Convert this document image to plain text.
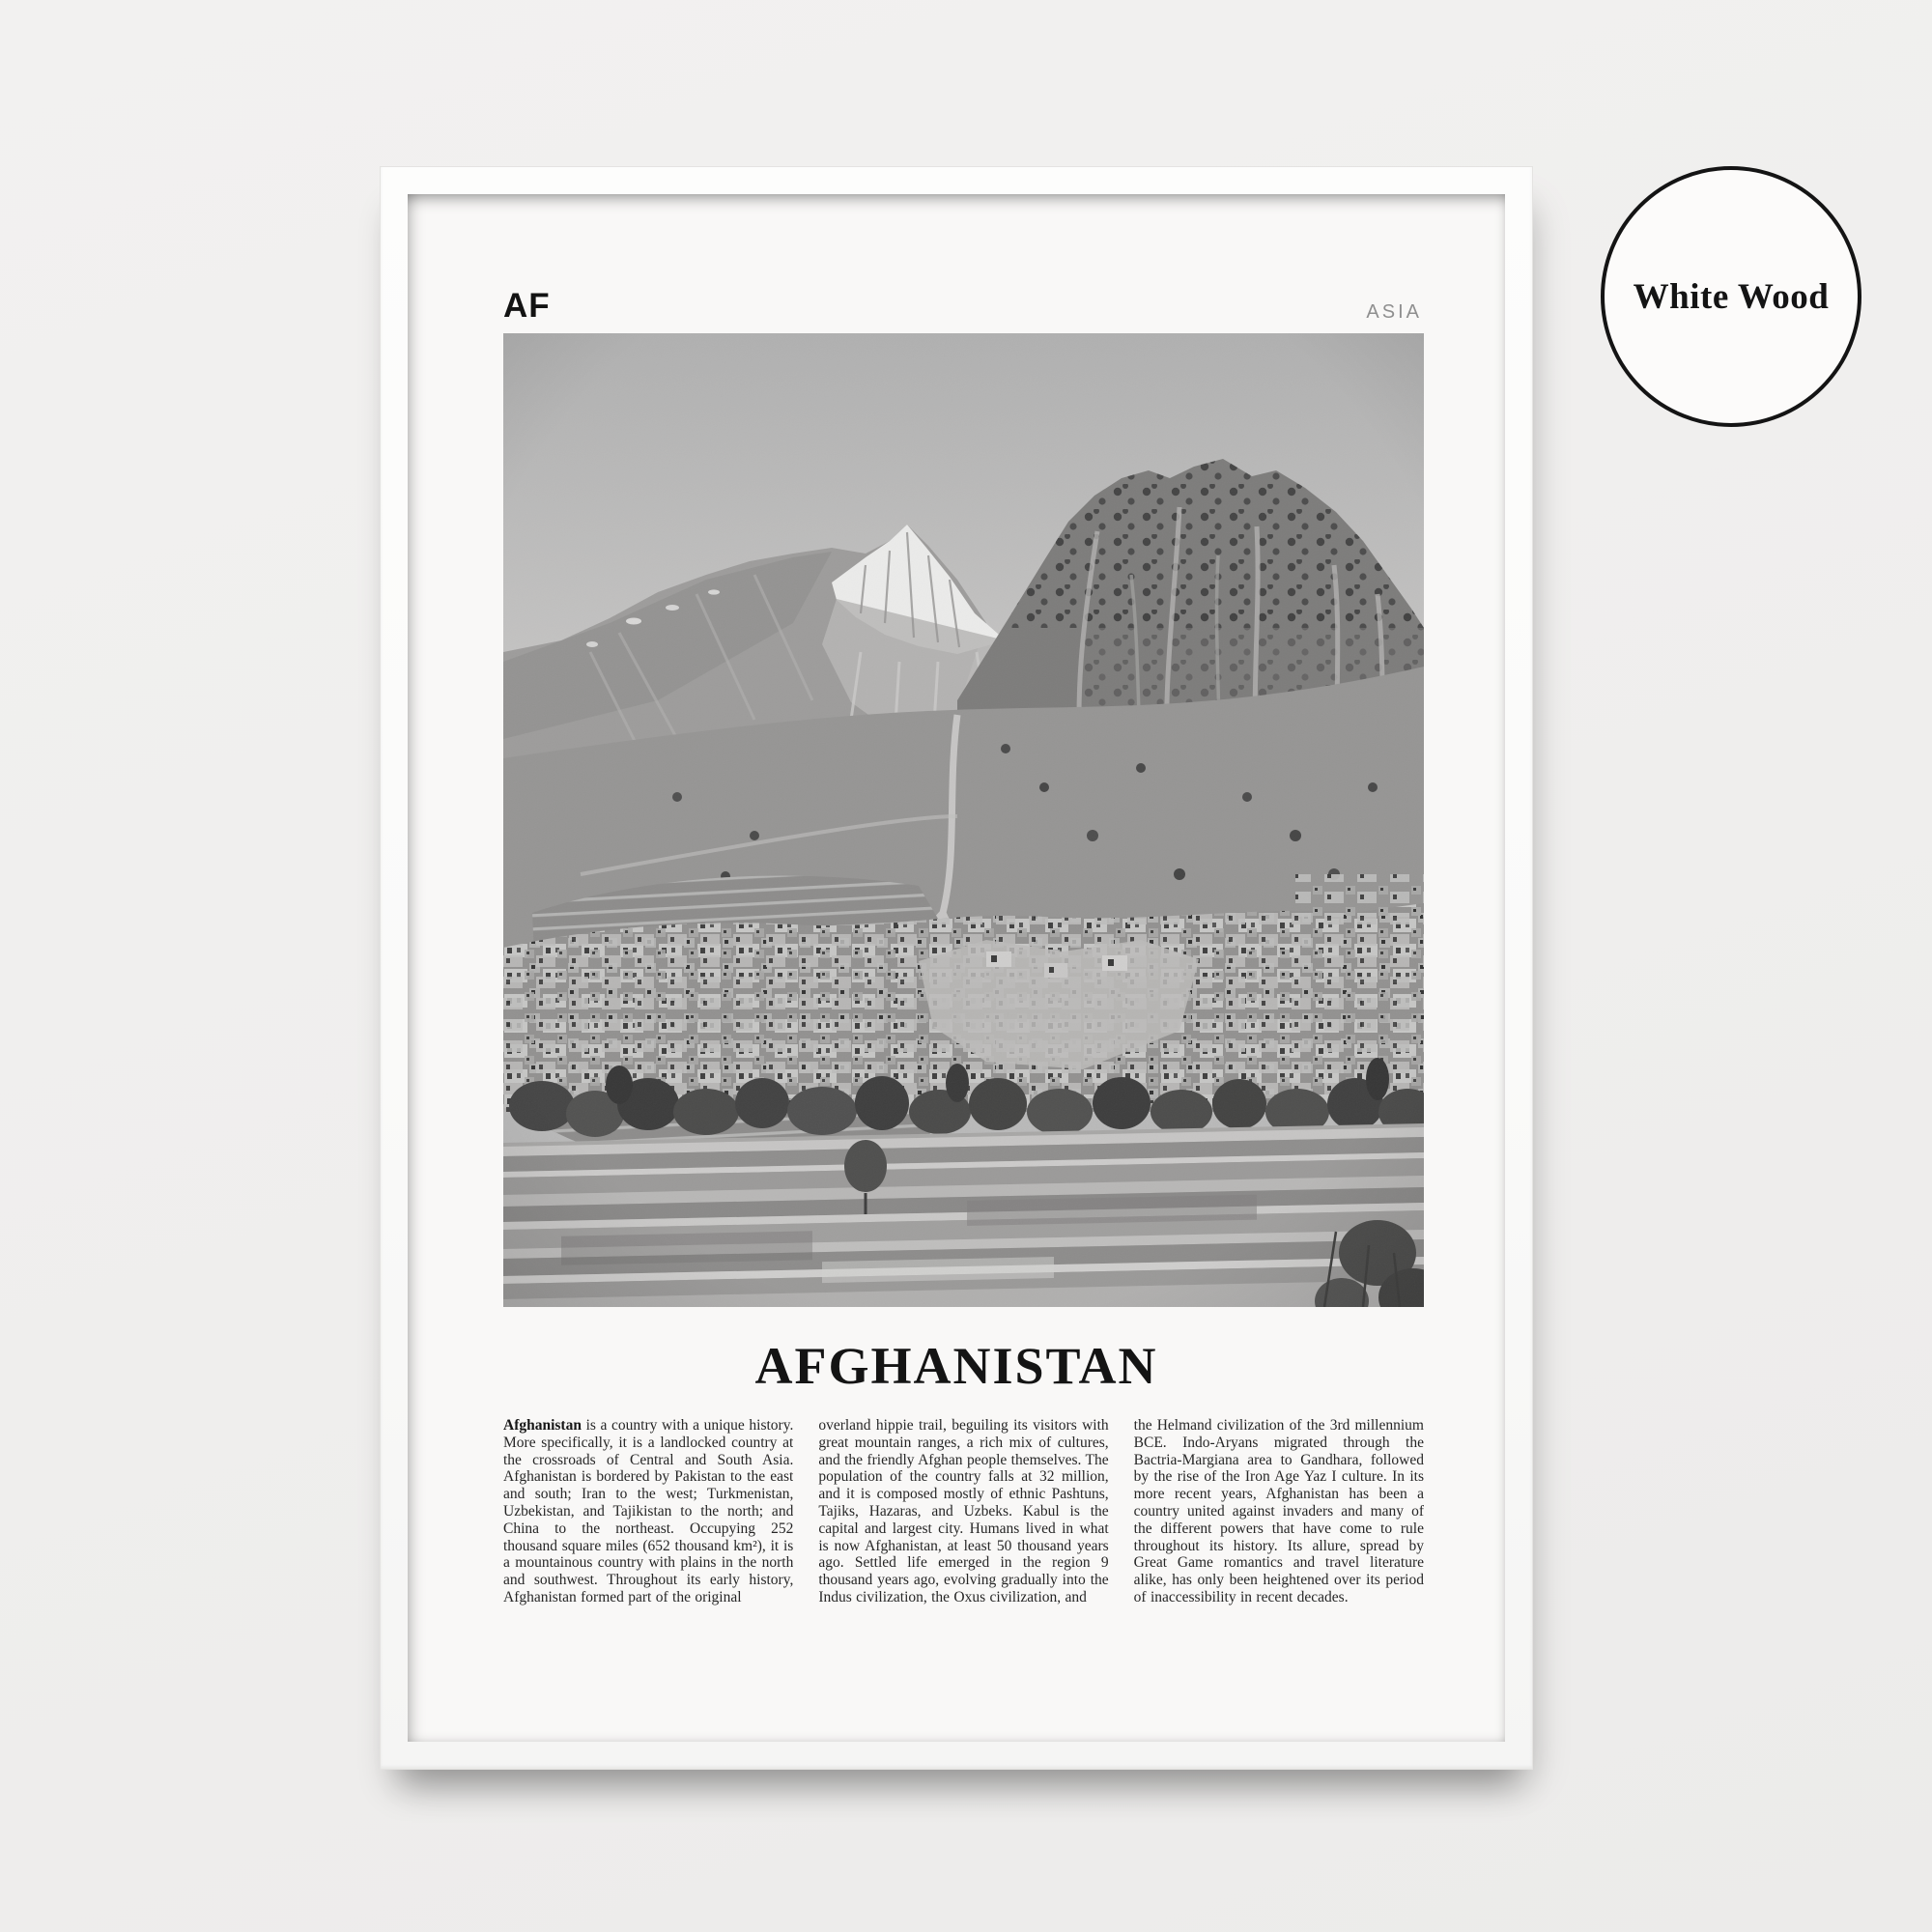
AF	ASIA
AFGHANISTAN
Afghanistan is a country with a unique history. More specifically, it is a landlocked country at the crossroads of Central and South Asia. Afghanistan is bordered by Pakistan to the east and south; Iran to the west; Turkmenistan, Uzbekistan, and Tajikistan to the north; and China to the northeast. Occupying 252 thousand square miles (652 thousand km²), it is a mountainous country with plains in the north and southwest. Throughout its early history, Afghanistan formed part of the original
overland hippie trail, beguiling its visitors with great mountain ranges, a rich mix of cultures, and the friendly Afghan people themselves. The population of the country falls at 32 million, and it is composed mostly of ethnic Pashtuns, Tajiks, Hazaras, and Uzbeks. Kabul is the capital and largest city. Humans lived in what is now Afghanistan, at least 50 thousand years ago. Settled life emerged in the region 9 thousand years ago, evolving gradually into the Indus civilization, the Oxus civilization, and
the Helmand civilization of the 3rd millennium BCE. Indo-Aryans migrated through the Bactria-Margiana area to Gandhara, followed by the rise of the Iron Age Yaz I culture. In its more recent years, Afghanistan has been a country united against invaders and many of the different powers that have come to rule throughout its history. Its allure, spread by Great Game romantics and travel literature alike, has only been heightened over its period of inaccessibility in recent decades.
White Wood
